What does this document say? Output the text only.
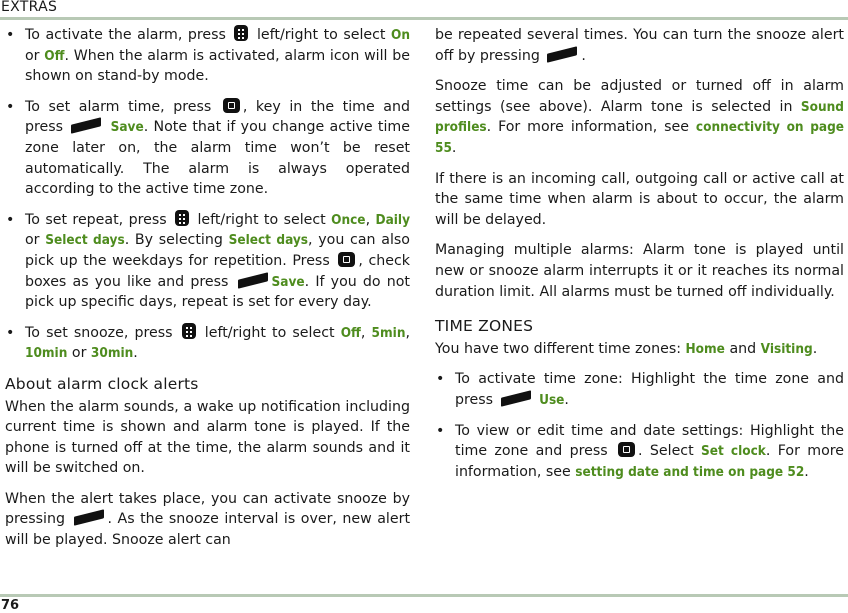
EXTRAS
• To activate the alarm, press left/right to select On or Off. When the alarm is activated, alarm icon will be shown on stand-by mode.
• To set alarm time, press , key in the time and press	Save. Note that if you change active time zone later on, the alarm time won’t be reset automatically. The alarm is always operated according to the active time zone.
• To set repeat, press left/right to select Once, Daily or Select days. By selecting Select days, you can also pick up the weekdays for repetition. Press , check boxes as you like and press	Save. If you do not pick up specific days, repeat is set for every day.
• To set snooze, press left/right to select Off, 5min, 10min or 30min.
About alarm clock alerts

When the alarm sounds, a wake up notification including current time is shown and alarm tone is played. If the phone is turned off at the time, the alarm sounds and it will be switched on.

When the alert takes place, you can activate snooze by pressing	. As the snooze interval is over, new alert will be played. Snooze alert can

be repeated several times. You can turn the snooze alert off by pressing	.

Snooze time can be adjusted or turned off in alarm settings (see above). Alarm tone is selected in Sound profiles. For more information, see connectivity on page 55.

If there is an incoming call, outgoing call or active call at the same time when alarm is about to occur, the alarm will be delayed.

Managing multiple alarms: Alarm tone is played until new or snooze alarm interrupts it or it reaches its normal duration limit. All alarms must be turned off individually.

TIME ZONES

You have two different time zones: Home and Visiting.

• To activate time zone: Highlight the time zone and press	Use.
• To view or edit time and date settings: Highlight the time zone and press . Select Set clock. For more information, see setting date and time on page 52.
76
